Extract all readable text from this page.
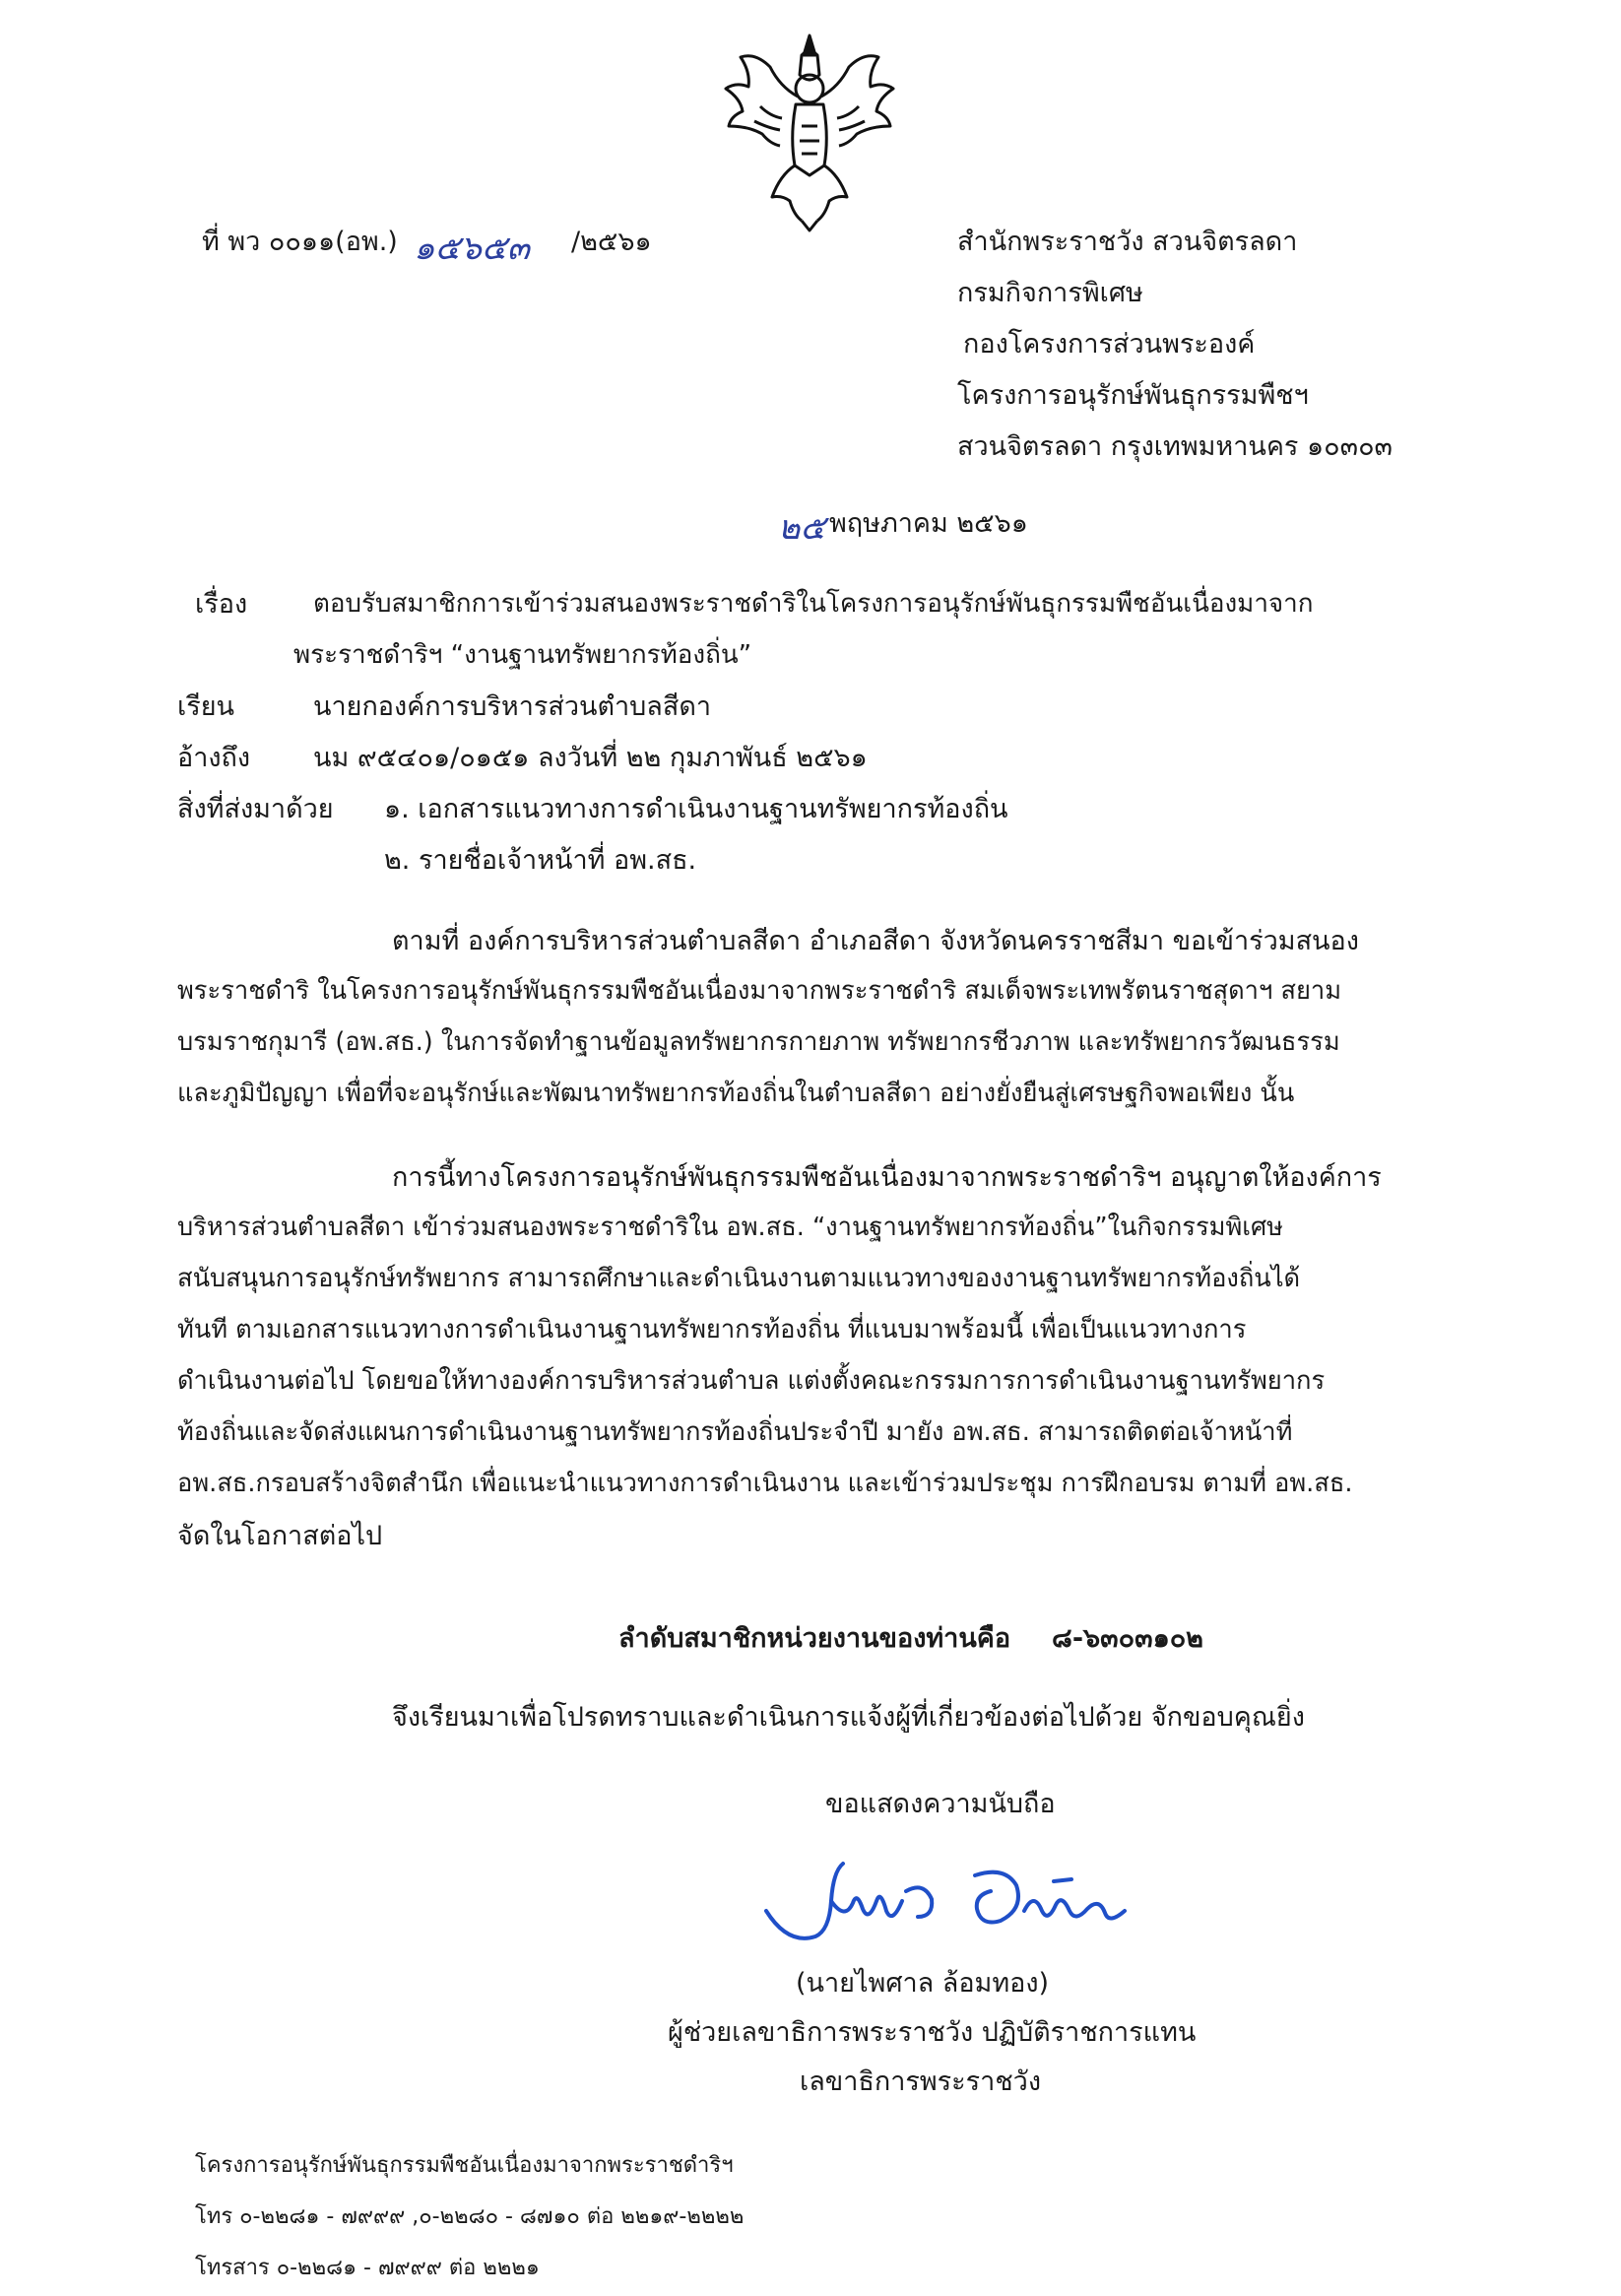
ที่ พว ๐๐๑๑(อพ.) ๑๕๖๕๓ /๒๕๖๑	สำนักพระราชวัง สวนจิตรลดา
กรมกิจการพิเศษ
กองโครงการส่วนพระองค์
โครงการอนุรักษ์พันธุกรรมพืชฯ
สวนจิตรลดา กรุงเทพมหานคร ๑๐๓๐๓
๒๕ พฤษภาคม ๒๕๖๑
เรื่อง	ตอบรับสมาชิกการเข้าร่วมสนองพระราชดำริในโครงการอนุรักษ์พันธุกรรมพืชอันเนื่องมาจาก
พระราชดำริฯ “งานฐานทรัพยากรท้องถิ่น”
เรียน	นายกองค์การบริหารส่วนตำบลสีดา
อ้างถึง นม ๙๕๔๐๑/๐๑๕๑ ลงวันที่ ๒๒ กุมภาพันธ์ ๒๕๖๑
สิ่งที่ส่งมาด้วย ๑. เอกสารแนวทางการดำเนินงานฐานทรัพยากรท้องถิ่น
๒. รายชื่อเจ้าหน้าที่ อพ.สธ.
ตามที่ องค์การบริหารส่วนตำบลสีดา อำเภอสีดา จังหวัดนครราชสีมา ขอเข้าร่วมสนอง
พระราชดำริ ในโครงการอนุรักษ์พันธุกรรมพืชอันเนื่องมาจากพระราชดำริ สมเด็จพระเทพรัตนราชสุดาฯ สยาม
บรมราชกุมารี (อพ.สธ.) ในการจัดทำฐานข้อมูลทรัพยากรกายภาพ ทรัพยากรชีวภาพ และทรัพยากรวัฒนธรรม
และภูมิปัญญา เพื่อที่จะอนุรักษ์และพัฒนาทรัพยากรท้องถิ่นในตำบลสีดา อย่างยั่งยืนสู่เศรษฐกิจพอเพียง นั้น
การนี้ทางโครงการอนุรักษ์พันธุกรรมพืชอันเนื่องมาจากพระราชดำริฯ อนุญาตให้องค์การ
บริหารส่วนตำบลสีดา เข้าร่วมสนองพระราชดำริใน อพ.สธ. “งานฐานทรัพยากรท้องถิ่น”ในกิจกรรมพิเศษ
สนับสนุนการอนุรักษ์ทรัพยากร สามารถศึกษาและดำเนินงานตามแนวทางของงานฐานทรัพยากรท้องถิ่นได้
ทันที ตามเอกสารแนวทางการดำเนินงานฐานทรัพยากรท้องถิ่น ที่แนบมาพร้อมนี้ เพื่อเป็นแนวทางการ
ดำเนินงานต่อไป โดยขอให้ทางองค์การบริหารส่วนตำบล แต่งตั้งคณะกรรมการการดำเนินงานฐานทรัพยากร
ท้องถิ่นและจัดส่งแผนการดำเนินงานฐานทรัพยากรท้องถิ่นประจำปี มายัง อพ.สธ. สามารถติดต่อเจ้าหน้าที่
อพ.สธ.กรอบสร้างจิตสำนึก เพื่อแนะนำแนวทางการดำเนินงาน และเข้าร่วมประชุม การฝึกอบรม ตามที่ อพ.สธ.
จัดในโอกาสต่อไป
ลำดับสมาชิกหน่วยงานของท่านคือ ๘-๖๓๐๓๑๐๒
จึงเรียนมาเพื่อโปรดทราบและดำเนินการแจ้งผู้ที่เกี่ยวข้องต่อไปด้วย จักขอบคุณยิ่ง
ขอแสดงความนับถือ
(นายไพศาล ล้อมทอง)
ผู้ช่วยเลขาธิการพระราชวัง ปฏิบัติราชการแทน
เลขาธิการพระราชวัง
โครงการอนุรักษ์พันธุกรรมพืชอันเนื่องมาจากพระราชดำริฯ
โทร ๐-๒๒๘๑ - ๗๙๙๙ ,๐-๒๒๘๐ - ๘๗๑๐ ต่อ ๒๒๑๙-๒๒๒๒
โทรสาร ๐-๒๒๘๑ - ๗๙๙๙ ต่อ ๒๒๒๑
